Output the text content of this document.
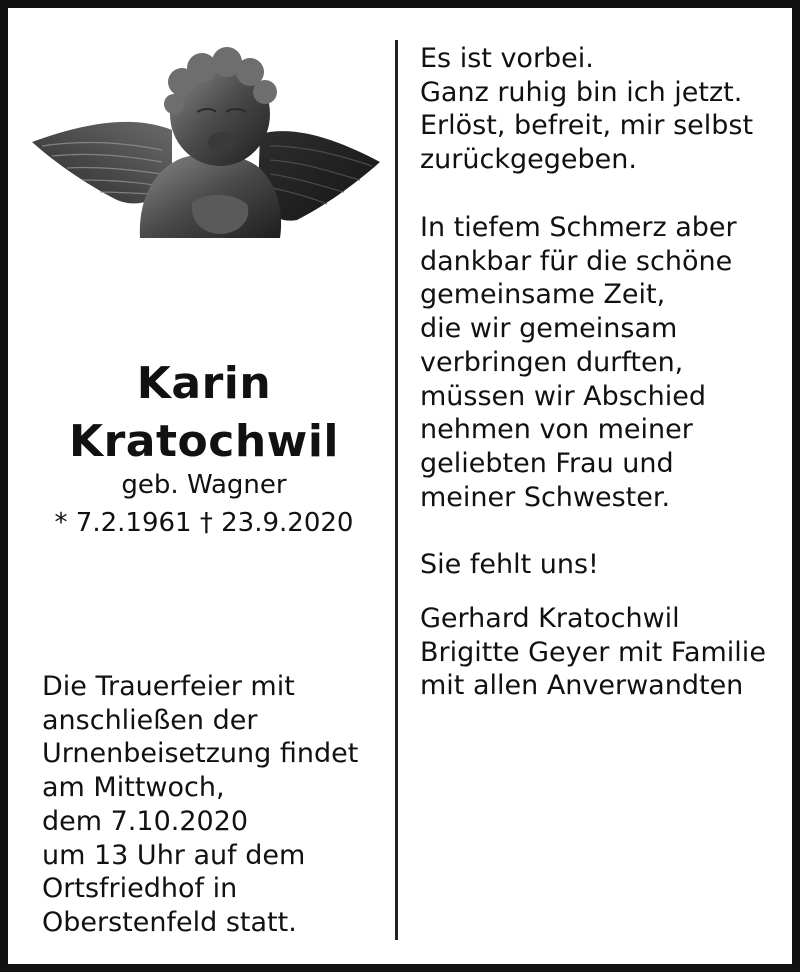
Karin
Kratochwil
geb. Wagner
* 7.2.1961 † 23.9.2020
Die Trauerfeier mit
anschließen der
Urnenbeisetzung findet
am Mittwoch,
dem 7.10.2020
um 13 Uhr auf dem
Ortsfriedhof in
Oberstenfeld statt.
Es ist vorbei.
Ganz ruhig bin ich jetzt.
Erlöst, befreit, mir selbst
zurückgegeben.
In tiefem Schmerz aber
dankbar für die schöne
gemeinsame Zeit,
die wir gemeinsam
verbringen durften,
müssen wir Abschied
nehmen von meiner
geliebten Frau und
meiner Schwester.
Sie fehlt uns!
Gerhard Kratochwil
Brigitte Geyer mit Familie
mit allen Anverwandten
